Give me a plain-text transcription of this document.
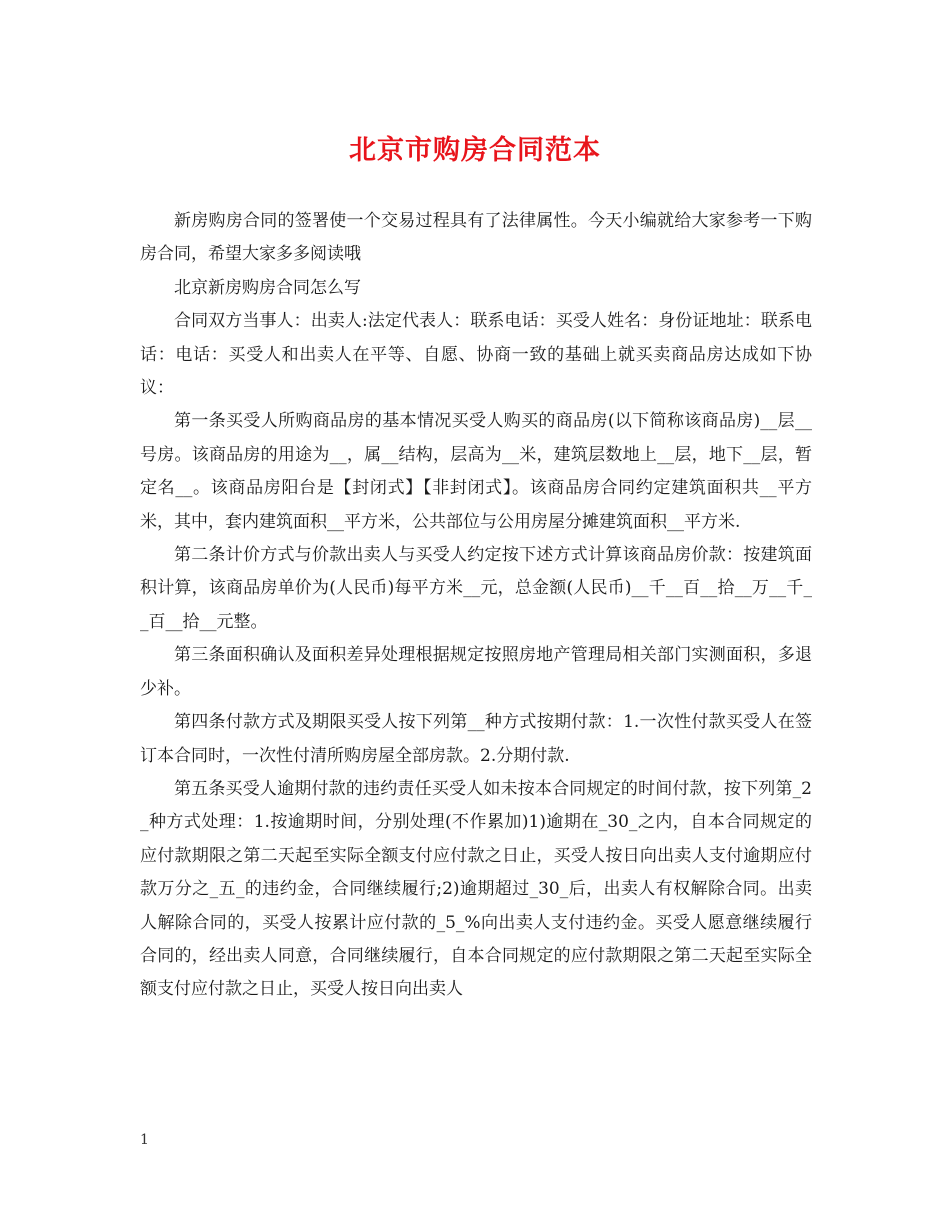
北京市购房合同范本

新房购房合同的签署使一个交易过程具有了法律属性。今天小编就给大家参考一下购房合同，希望大家多多阅读哦

北京新房购房合同怎么写

合同双方当事人：出卖人:法定代表人：联系电话：买受人姓名：身份证地址：联系电话：电话：买受人和出卖人在平等、自愿、协商一致的基础上就买卖商品房达成如下协议：

第一条买受人所购商品房的基本情况买受人购买的商品房(以下简称该商品房)__层__号房。该商品房的用途为__，属__结构，层高为__米，建筑层数地上__层，地下__层，暂定名__。该商品房阳台是【封闭式】【非封闭式】。该商品房合同约定建筑面积共__平方米，其中，套内建筑面积__平方米，公共部位与公用房屋分摊建筑面积__平方米.

第二条计价方式与价款出卖人与买受人约定按下述方式计算该商品房价款：按建筑面积计算，该商品房单价为(人民币)每平方米__元，总金额(人民币)__千__百__拾__万__千__百__拾__元整。

第三条面积确认及面积差异处理根据规定按照房地产管理局相关部门实测面积，多退少补。

第四条付款方式及期限买受人按下列第__种方式按期付款：1.一次性付款买受人在签订本合同时，一次性付清所购房屋全部房款。2.分期付款.

第五条买受人逾期付款的违约责任买受人如未按本合同规定的时间付款，按下列第_2_种方式处理：1.按逾期时间，分别处理(不作累加)1)逾期在_30_之内，自本合同规定的应付款期限之第二天起至实际全额支付应付款之日止，买受人按日向出卖人支付逾期应付款万分之_五_的违约金，合同继续履行;2)逾期超过_30_后，出卖人有权解除合同。出卖人解除合同的，买受人按累计应付款的_5_%向出卖人支付违约金。买受人愿意继续履行合同的，经出卖人同意，合同继续履行，自本合同规定的应付款期限之第二天起至实际全额支付应付款之日止，买受人按日向出卖人

1
